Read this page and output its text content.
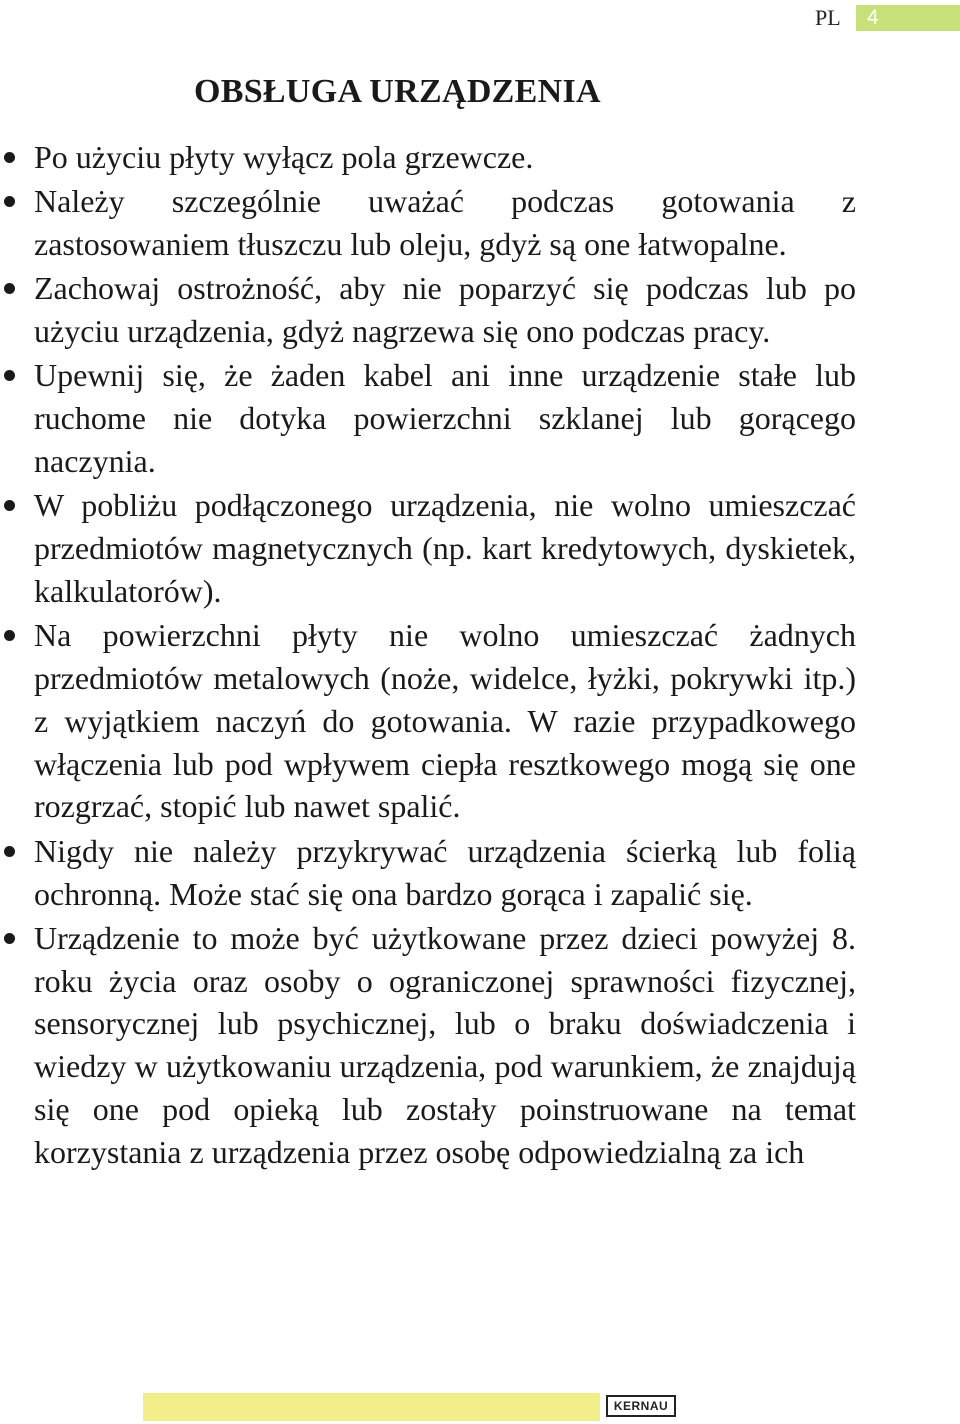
PL 4
OBSŁUGA URZĄDZENIA
Po użyciu płyty wyłącz pola grzewcze.
Należy szczególnie uważać podczas gotowania z zastosowaniem tłuszczu lub oleju, gdyż są one łatwopalne.
Zachowaj ostrożność, aby nie poparzyć się podczas lub po użyciu urządzenia, gdyż nagrzewa się ono podczas pracy.
Upewnij się, że żaden kabel ani inne urządzenie stałe lub ruchome nie dotyka powierzchni szklanej lub gorącego naczynia.
W pobliżu podłączonego urządzenia, nie wolno umieszczać przedmiotów magnetycznych (np. kart kredytowych, dyskietek, kalkulatorów).
Na powierzchni płyty nie wolno umieszczać żadnych przedmiotów metalowych (noże, widelce, łyżki, pokrywki itp.) z wyjątkiem naczyń do gotowania. W razie przypadkowego włączenia lub pod wpływem ciepła resztkowego mogą się one rozgrzać, stopić lub nawet spalić.
Nigdy nie należy przykrywać urządzenia ścierką lub folią ochronną. Może stać się ona bardzo gorąca i zapalić się.
Urządzenie to może być użytkowane przez dzieci powyżej 8. roku życia oraz osoby o ograniczonej sprawności fizycznej, sensorycznej lub psychicznej, lub o braku doświadczenia i wiedzy w użytkowaniu urządzenia, pod warunkiem, że znajdują się one pod opieką lub zostały poinstruowane na temat korzystania z urządzenia przez osobę odpowiedzialną za ich
KERNAU
